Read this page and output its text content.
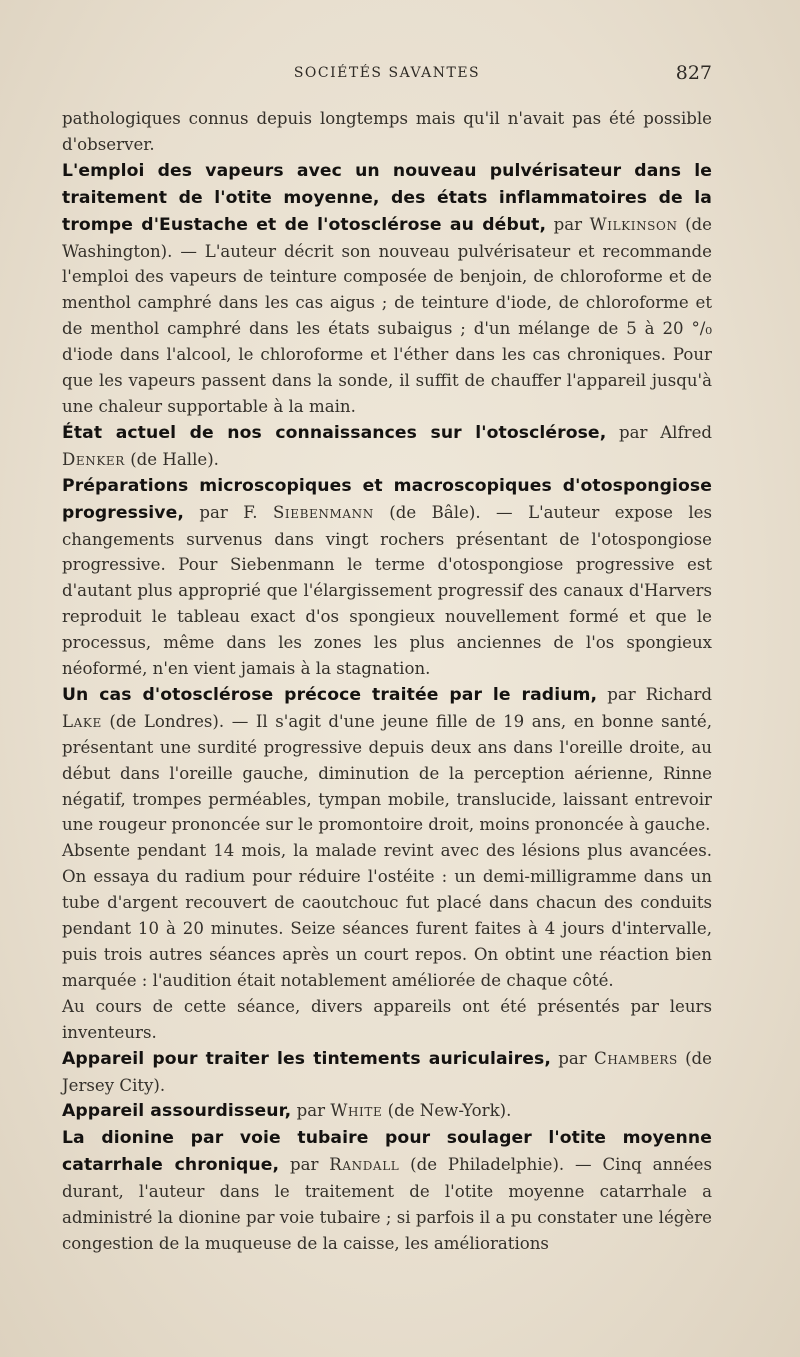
SOCIÉTÉS SAVANTES	827

pathologiques connus depuis longtemps mais qu'il n'avait pas été possible d'observer.

L'emploi des vapeurs avec un nouveau pulvérisateur dans le traitement de l'otite moyenne, des états inflammatoires de la trompe d'Eustache et de l'otosclérose au début, par Wilkinson (de Washington). — L'auteur décrit son nouveau pulvérisateur et recommande l'emploi des vapeurs de teinture composée de benjoin, de chloroforme et de menthol camphré dans les cas aigus ; de teinture d'iode, de chloroforme et de menthol camphré dans les états subaigus ; d'un mélange de 5 à 20 °/₀ d'iode dans l'alcool, le chloroforme et l'éther dans les cas chroniques. Pour que les vapeurs passent dans la sonde, il suffit de chauffer l'appareil jusqu'à une chaleur supportable à la main.

État actuel de nos connaissances sur l'otosclérose, par Alfred Denker (de Halle).

Préparations microscopiques et macroscopiques d'otospongiose progressive, par F. Siebenmann (de Bâle). — L'auteur expose les changements survenus dans vingt rochers présentant de l'otospongiose progressive. Pour Siebenmann le terme d'otospongiose progressive est d'autant plus approprié que l'élargissement progressif des canaux d'Harvers reproduit le tableau exact d'os spongieux nouvellement formé et que le processus, même dans les zones les plus anciennes de l'os spongieux néoformé, n'en vient jamais à la stagnation.

Un cas d'otosclérose précoce traitée par le radium, par Richard Lake (de Londres). — Il s'agit d'une jeune fille de 19 ans, en bonne santé, présentant une surdité progressive depuis deux ans dans l'oreille droite, au début dans l'oreille gauche, diminution de la perception aérienne, Rinne négatif, trompes perméables, tympan mobile, translucide, laissant entrevoir une rougeur prononcée sur le promontoire droit, moins prononcée à gauche.

Absente pendant 14 mois, la malade revint avec des lésions plus avancées. On essaya du radium pour réduire l'ostéite : un demi-milligramme dans un tube d'argent recouvert de caoutchouc fut placé dans chacun des conduits pendant 10 à 20 minutes. Seize séances furent faites à 4 jours d'intervalle, puis trois autres séances après un court repos. On obtint une réaction bien marquée : l'audition était notablement améliorée de chaque côté.

Au cours de cette séance, divers appareils ont été présentés par leurs inventeurs.

Appareil pour traiter les tintements auriculaires, par Chambers (de Jersey City).

Appareil assourdisseur, par White (de New-York).

La dionine par voie tubaire pour soulager l'otite moyenne catarrhale chronique, par Randall (de Philadelphie). — Cinq années durant, l'auteur dans le traitement de l'otite moyenne catarrhale a administré la dionine par voie tubaire ; si parfois il a pu constater une légère congestion de la muqueuse de la caisse, les améliorations
